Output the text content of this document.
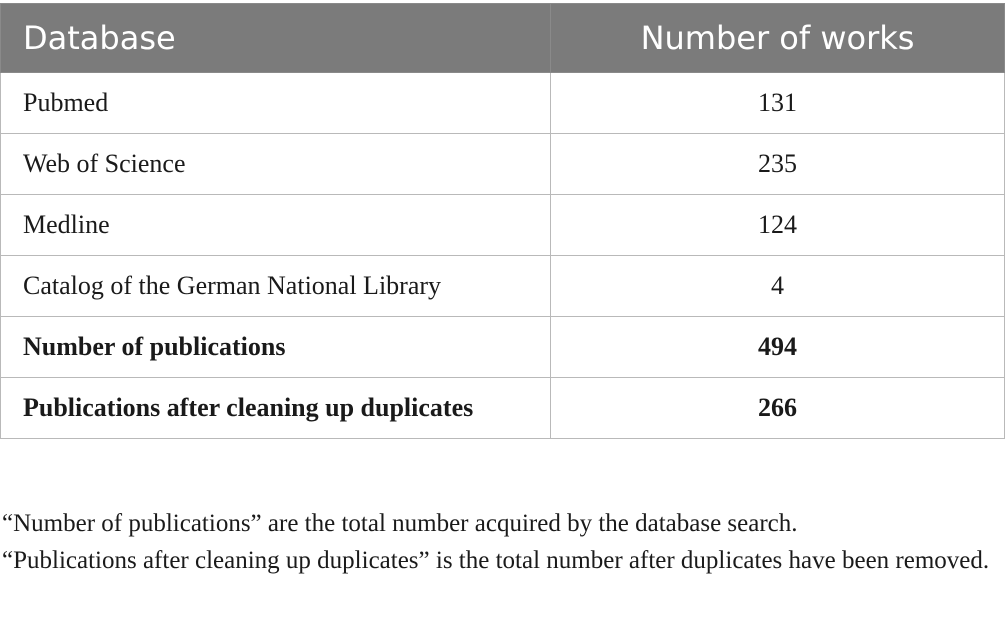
Database	Number of works
Pubmed	131
Web of Science	235
Medline	124
Catalog of the German National Library	4
Number of publications	494
Publications after cleaning up duplicates	266

“Number of publications” are the total number acquired by the database search.

“Publications after cleaning up duplicates” is the total number after duplicates have been removed.
